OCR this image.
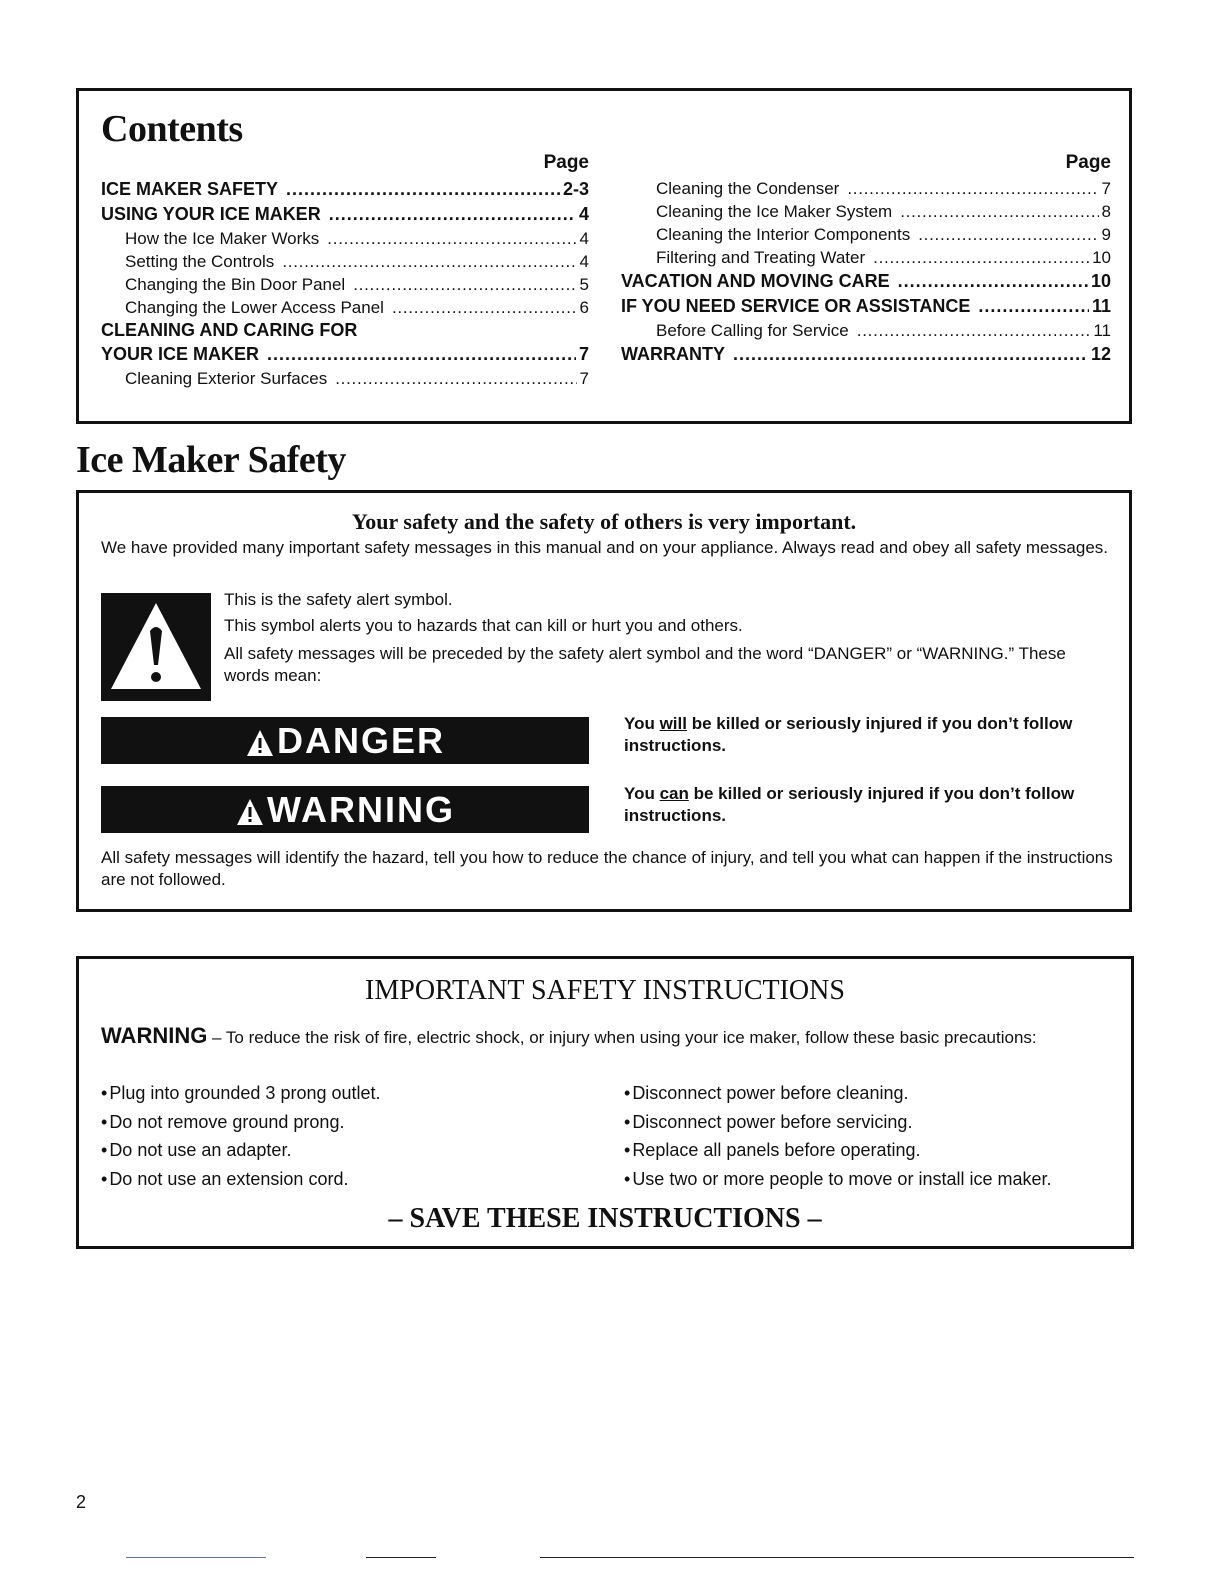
Contents
Page
ICE MAKER SAFETY . . .	2-3
USING YOUR ICE MAKER . . .	4
How the Ice Maker Works . . .	4
Setting the Controls . . .	4
Changing the Bin Door Panel . . .	5
Changing the Lower Access Panel . . .	6
CLEANING AND CARING FOR
YOUR ICE MAKER . . .	7
Cleaning Exterior Surfaces . . .	7
Page
Cleaning the Condenser . . .	7
Cleaning the Ice Maker System . . .	8
Cleaning the Interior Components . . .	9
Filtering and Treating Water . . .	10
VACATION AND MOVING CARE . . .	10
IF YOU NEED SERVICE OR ASSISTANCE . . .	11
Before Calling for Service . . .	11
WARRANTY . . .	12
Ice Maker Safety
Your safety and the safety of others is very important.
We have provided many important safety messages in this manual and on your appliance. Always read and obey all safety messages.
This is the safety alert symbol.
This symbol alerts you to hazards that can kill or hurt you and others.
All safety messages will be preceded by the safety alert symbol and the word “DANGER” or “WARNING.” These words mean:
DANGER	You will be killed or seriously injured if you don’t follow instructions.
WARNING	You can be killed or seriously injured if you don’t follow instructions.
All safety messages will identify the hazard, tell you how to reduce the chance of injury, and tell you what can happen if the instructions are not followed.
IMPORTANT SAFETY INSTRUCTIONS
WARNING – To reduce the risk of fire, electric shock, or injury when using your ice maker, follow these basic precautions:
• Plug into grounded 3 prong outlet.
• Do not remove ground prong.
• Do not use an adapter.
• Do not use an extension cord.
• Disconnect power before cleaning.
• Disconnect power before servicing.
• Replace all panels before operating.
• Use two or more people to move or install ice maker.
– SAVE THESE INSTRUCTIONS –
2
